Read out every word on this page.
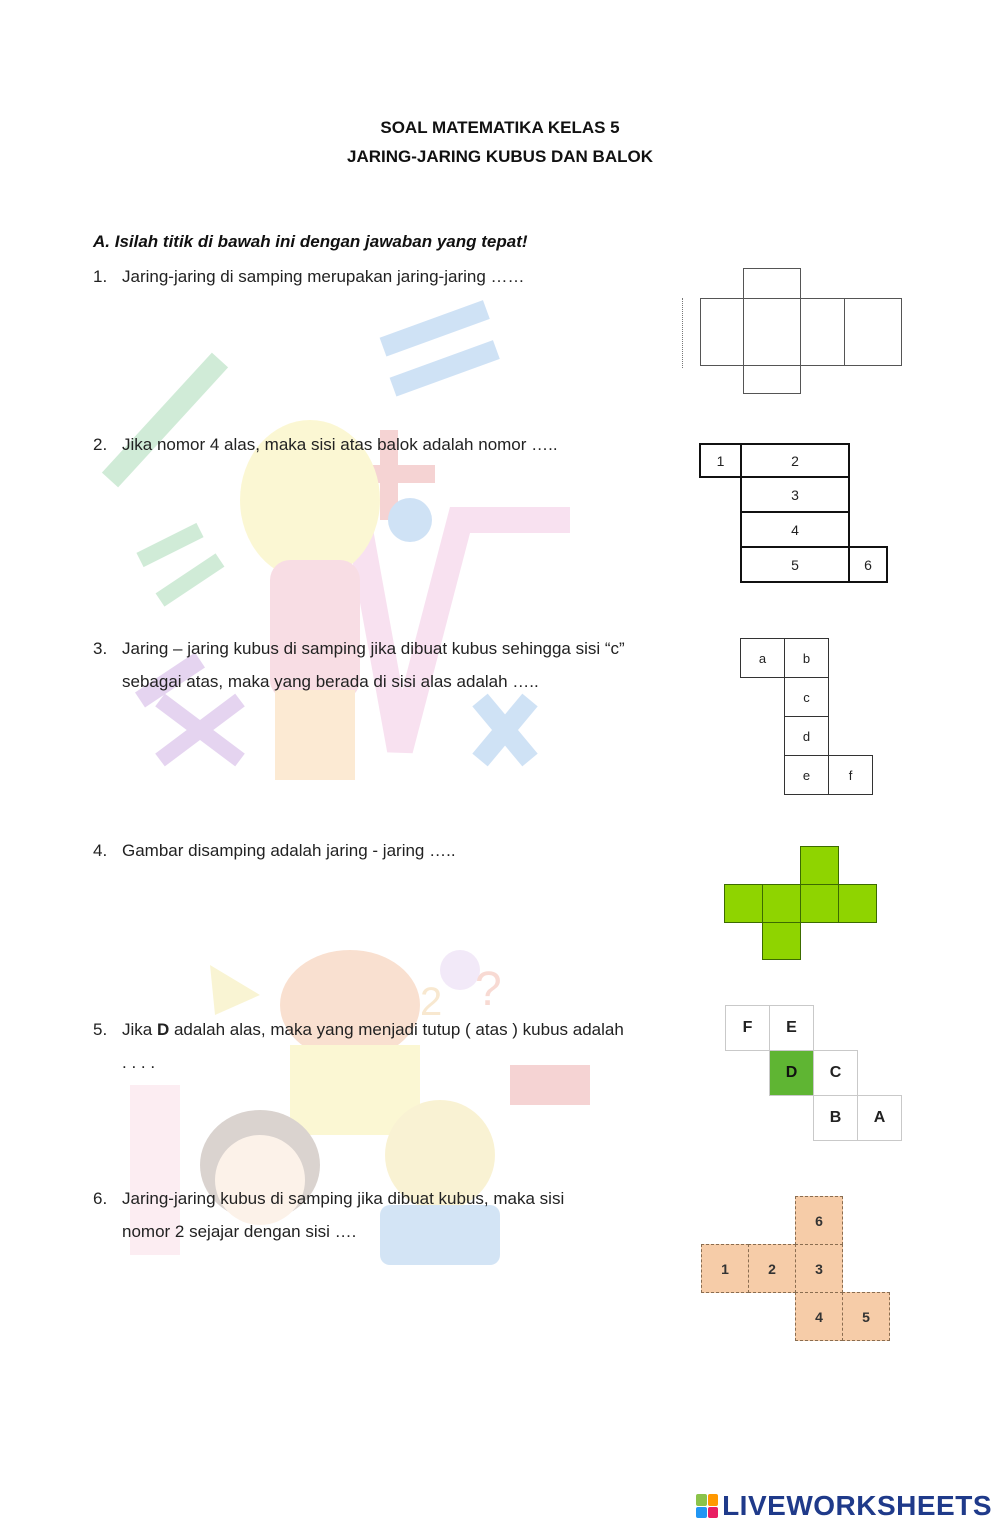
2 ?
SOAL MATEMATIKA KELAS 5
JARING-JARING KUBUS DAN BALOK
A. Isilah titik di bawah ini dengan jawaban yang tepat!
1. Jaring-jaring di samping merupakan jaring-jaring ……
2. Jika nomor 4 alas, maka sisi atas balok adalah nomor …..
1	2
3
4
5	6
3. Jaring – jaring kubus di samping jika dibuat kubus sehingga sisi “c”
sebagai atas, maka yang berada di sisi alas adalah …..
a	b
c
d
e	f
4. Gambar disamping adalah jaring - jaring …..
5. Jika D adalah alas, maka yang menjadi tutup ( atas ) kubus adalah
. . . .
F	E
D	C
B	A
6. Jaring-jaring kubus di samping jika dibuat kubus, maka sisi
nomor 2 sejajar dengan sisi ….
6
1	2	3
4	5
LIVEWORKSHEETS
